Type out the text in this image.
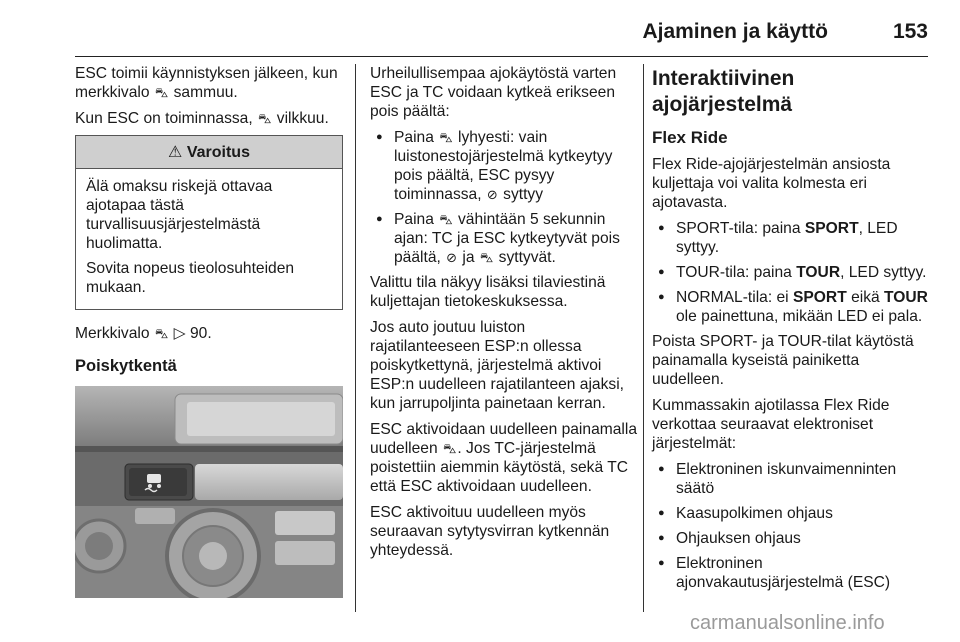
Ajaminen ja käyttö	153

ESC toimii käynnistyksen jälkeen, kun merkkivalo ⛍ sammuu.

Kun ESC on toiminnassa, ⛍ vilkkuu.

⚠ Varoitus

Älä omaksu riskejä ottavaa ajotapaa tästä turvallisuusjärjestelmästä huolimatta.

Sovita nopeus tieolosuhteiden mukaan.

Merkkivalo ⛍ ▷ 90.

Poiskytkentä

Urheilullisempaa ajokäytöstä varten ESC ja TC voidaan kytkeä erikseen pois päältä:

● Paina ⛍ lyhyesti: vain luistonestojärjestelmä kytkeytyy pois päältä, ESC pysyy toiminnassa, ⊘ syttyy
● Paina ⛍ vähintään 5 sekunnin ajan: TC ja ESC kytkeytyvät pois päältä, ⊘ ja ⛍ syttyvät.

Valittu tila näkyy lisäksi tilaviestinä kuljettajan tietokeskuksessa.

Jos auto joutuu luiston rajatilanteeseen ESP:n ollessa poiskytkettynä, järjestelmä aktivoi ESP:n uudelleen rajatilanteen ajaksi, kun jarrupoljinta painetaan kerran.

ESC aktivoidaan uudelleen painamalla uudelleen ⛍. Jos TC-järjestelmä poistettiin aiemmin käytöstä, sekä TC että ESC aktivoidaan uudelleen.

ESC aktivoituu uudelleen myös seuraavan sytytysvirran kytkennän yhteydessä.

Interaktiivinen ajojärjestelmä
Flex Ride

Flex Ride-ajojärjestelmän ansiosta kuljettaja voi valita kolmesta eri ajotavasta.

● SPORT-tila: paina SPORT, LED syttyy.
● TOUR-tila: paina TOUR, LED syttyy.
● NORMAL-tila: ei SPORT eikä TOUR ole painettuna, mikään LED ei pala.

Poista SPORT- ja TOUR-tilat käytöstä painamalla kyseistä painiketta uudelleen.

Kummassakin ajotilassa Flex Ride verkottaa seuraavat elektroniset järjestelmät:

● Elektroninen iskunvaimenninten säätö
● Kaasupolkimen ohjaus
● Ohjauksen ohjaus
● Elektroninen ajonvakautusjärjestelmä (ESC)
carmanualsonline.info
